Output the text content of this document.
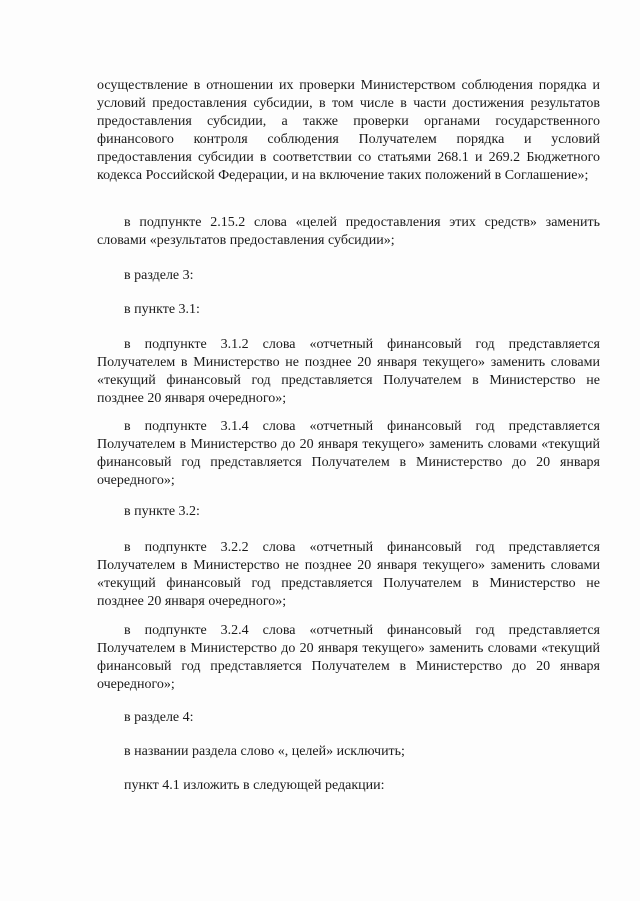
осуществление в отношении их проверки Министерством соблюдения порядка и условий предоставления субсидии, в том числе в части достижения результатов предоставления субсидии, а также проверки органами государственного финансового контроля соблюдения Получателем порядка и условий предоставления субсидии в соответствии со статьями 268.1 и 269.2 Бюджетного кодекса Российской Федерации, и на включение таких положений в Соглашение»;

в подпункте 2.15.2 слова «целей предоставления этих средств» заменить словами «результатов предоставления субсидии»;

в разделе 3:

в пункте 3.1:

в подпункте 3.1.2 слова «отчетный финансовый год представляется Получателем в Министерство не позднее 20 января текущего» заменить словами «текущий финансовый год представляется Получателем в Министерство не позднее 20 января очередного»;

в подпункте 3.1.4 слова «отчетный финансовый год представляется Получателем в Министерство до 20 января текущего» заменить словами «текущий финансовый год представляется Получателем в Министерство до 20 января очередного»;

в пункте 3.2:

в подпункте 3.2.2 слова «отчетный финансовый год представляется Получателем в Министерство не позднее 20 января текущего» заменить словами «текущий финансовый год представляется Получателем в Министерство не позднее 20 января очередного»;

в подпункте 3.2.4 слова «отчетный финансовый год представляется Получателем в Министерство до 20 января текущего» заменить словами «текущий финансовый год представляется Получателем в Министерство до 20 января очередного»;

в разделе 4:

в названии раздела слово «, целей» исключить;

пункт 4.1 изложить в следующей редакции:
